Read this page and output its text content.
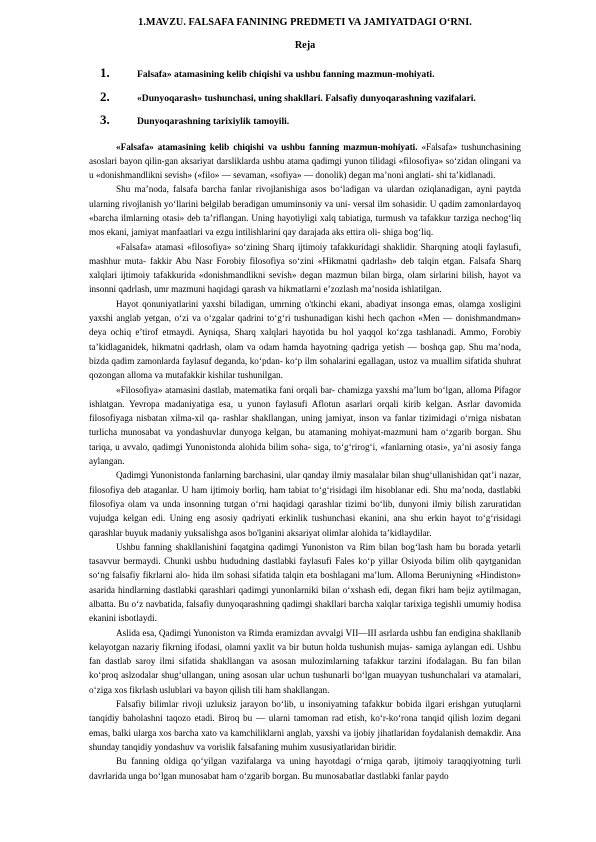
1.MAVZU. FALSAFA FANINING PREDMETI VA JAMIYATDAGI O‘RNI.
Reja
1.	Falsafa» atamasining kelib chiqishi va ushbu fanning mazmun-mohiyati.
2.	«Dunyoqarash» tushunchasi, uning shakllari. Falsafiy dunyoqarashning vazifalari.
3.	Dunyoqarashning tarixiylik tamoyili.

«Falsafa» atamasining kelib chiqishi va ushbu fanning mazmun-mohiyati. «Falsafa» tushunchasining asoslari bayon qilin-gan aksariyat darsliklarda ushbu atama qadimgi yunon tilidagi «filosofiya» so‘zidan olingani va u «donishmandlikni sevish» («filo» — sevaman, «sofiya» — donolik) degan ma’noni anglati- shi ta’kidlanadi.

Shu ma’noda, falsafa barcha fanlar rivojlanishiga asos bo‘ladigan va ulardan oziqlanadigan, ayni paytda ularning rivojlanish yo‘llarini belgilab beradigan umuminsoniy va uni- versal ilm sohasidir. U qadim zamonlardayoq «barcha ilmlarning otasi» deb ta’riflangan. Uning hayotiyligi xalq tabiatiga, turmush va tafakkur tarziga nechog‘liq mos ekani, jamiyat manfaatlari va ezgu intilishlarini qay darajada aks ettira oli- shiga bog‘liq.

«Falsafa» atamasi «filosofiya» so‘zining Sharq ijtimoiy tafakkuridagi shaklidir. Sharqning atoqli faylasufi, mashhur muta- fakkir Abu Nasr Forobiy filosofiya so‘zini «Hikmatni qadrlash» deb talqin etgan. Falsafa Sharq xalqlari ijtimoiy tafakkurida «donishmandlikni sevish» degan mazmun bilan birga, olam sirlarini bilish, hayot va insonni qadrlash, umr mazmuni haqidagi qarash va hikmatlarni e’zozlash ma’nosida ishlatilgan.

Hayot qonuniyatlarini yaxshi biladigan, umrning o'tkinchi ekani, abadiyat insonga emas, olamga xosligini yaxshi anglab yetgan, o‘zi va o‘zgalar qadrini to‘g‘ri tushunadigan kishi hech qachon «Men — donishmandman» deya ochiq e’tirof etmaydi. Ayniqsa, Sharq xalqlari hayotida bu hol yaqqol ko‘zga tashlanadi. Ammo, Forobiy ta’kidlaganidek, hikmatni qadrlash, olam va odam hamda hayotning qadriga yetish — boshqa gap. Shu ma’noda, bizda qadim zamonlarda faylasuf deganda, ko‘pdan- ko‘p ilm sohalarini egallagan, ustoz va muallim sifatida shuhrat qozongan alloma va mutafakkir kishilar tushunilgan.

«Filosofiya» atamasini dastlab, matematika fani orqali bar- chamizga yaxshi ma’lum bo‘lgan, alloma Pifagor ishlatgan. Yevropa madaniyatiga esa, u yunon faylasufi Aflotun asarlari orqali kirib kelgan. Asrlar davomida filosofiyaga nisbatan xilma-xil qa- rashlar shakllangan, uning jamiyat, inson va fanlar tizimidagi o‘rniga nisbatan turlicha munosabat va yondashuvlar dunyoga kelgan, bu atamaning mohiyat-mazmuni ham o‘zgarib borgan. Shu tariqa, u avvalo, qadimgi Yunonistonda alohida bilim soha- siga, to‘g‘rirog‘i, «fanlarning otasi», ya’ni asosiy fanga aylangan.

Qadimgi Yunonistonda fanlarning barchasini, ular qanday ilmiy masalalar bilan shug‘ullanishidan qat’i nazar, filosofiya deb ataganlar. U ham ijtimoiy borliq, ham tabiat to‘g‘risidagi ilm hisoblanar edi. Shu ma’noda, dastlabki filosofiya olam va unda insonning tutgan o‘rni haqidagi qarashlar tizimi bo‘lib, dunyoni ilmiy bilish zaruratidan vujudga kelgan edi. Uning eng asosiy qadriyati erkinlik tushunchasi ekanini, ana shu erkin hayot to‘g‘risidagi qarashlar buyuk madaniy yuksalishga asos bo'lganini aksariyat olimlar alohida ta’kidlaydilar.

Ushbu fanning shakllanishini faqatgina qadimgi Yunoniston va Rim bilan bog‘lash ham bu borada yetarli tasavvur bermaydi. Chunki ushbu hududning dastlabki faylasufi Fales ko‘p yillar Osiyoda bilim olib qaytganidan so‘ng falsafiy fikrlarni alo- hida ilm sohasi sifatida talqin eta boshlagani ma’lum. Alloma Beruniyning «Hindiston» asarida hindlarning dastlabki qarashlari qadimgi yunonlarniki bilan o‘xshash edi, degan fikri ham bejiz aytilmagan, albatta. Bu o‘z navbatida, falsafiy dunyoqarashning qadimgi shakllari barcha xalqlar tarixiga tegishli umumiy hodisa ekanini isbotlaydi.

Aslida esa, Qadimgi Yunoniston va Rimda eramizdan avvalgi VII—III asrlarda ushbu fan endigina shakllanib kelayotgan nazariy fikrning ifodasi, olamni yaxlit va bir butun holda tushunish mujas- samiga aylangan edi. Ushbu fan dastlab saroy ilmi sifatida shakllangan va asosan mulozimlarning tafakkur tarzini ifodalagan. Bu fan bilan ko‘proq aslzodalar shug‘ullangan, uning asosan ular uchun tushunarli bo‘lgan muayyan tushunchalari va atamalari, o‘ziga xos fikrlash uslublari va bayon qilish tili ham shakllangan.

Falsafiy bilimlar rivoji uzluksiz jarayon bo‘lib, u insoniyatning tafakkur bobida ilgari erishgan yutuqlarni tanqidiy baholashni taqozo etadi. Biroq bu — ularni tamoman rad etish, ko‘r-ko‘rona tanqid qilish lozim degani emas, balki ularga xos barcha xato va kamchiliklarni anglab, yaxshi va ijobiy jihatlaridan foydalanish demakdir. Ana shunday tanqidiy yondashuv va vorislik falsafaning muhim xususiyatlaridan biridir.

Bu fanning oldiga qo‘yilgan vazifalarga va uning hayotdagi o‘rniga qarab, ijtimoiy taraqqiyotning turli davrlarida unga bo‘lgan munosabat ham o‘zgarib borgan. Bu munosabatlar dastlabki fanlar paydo
